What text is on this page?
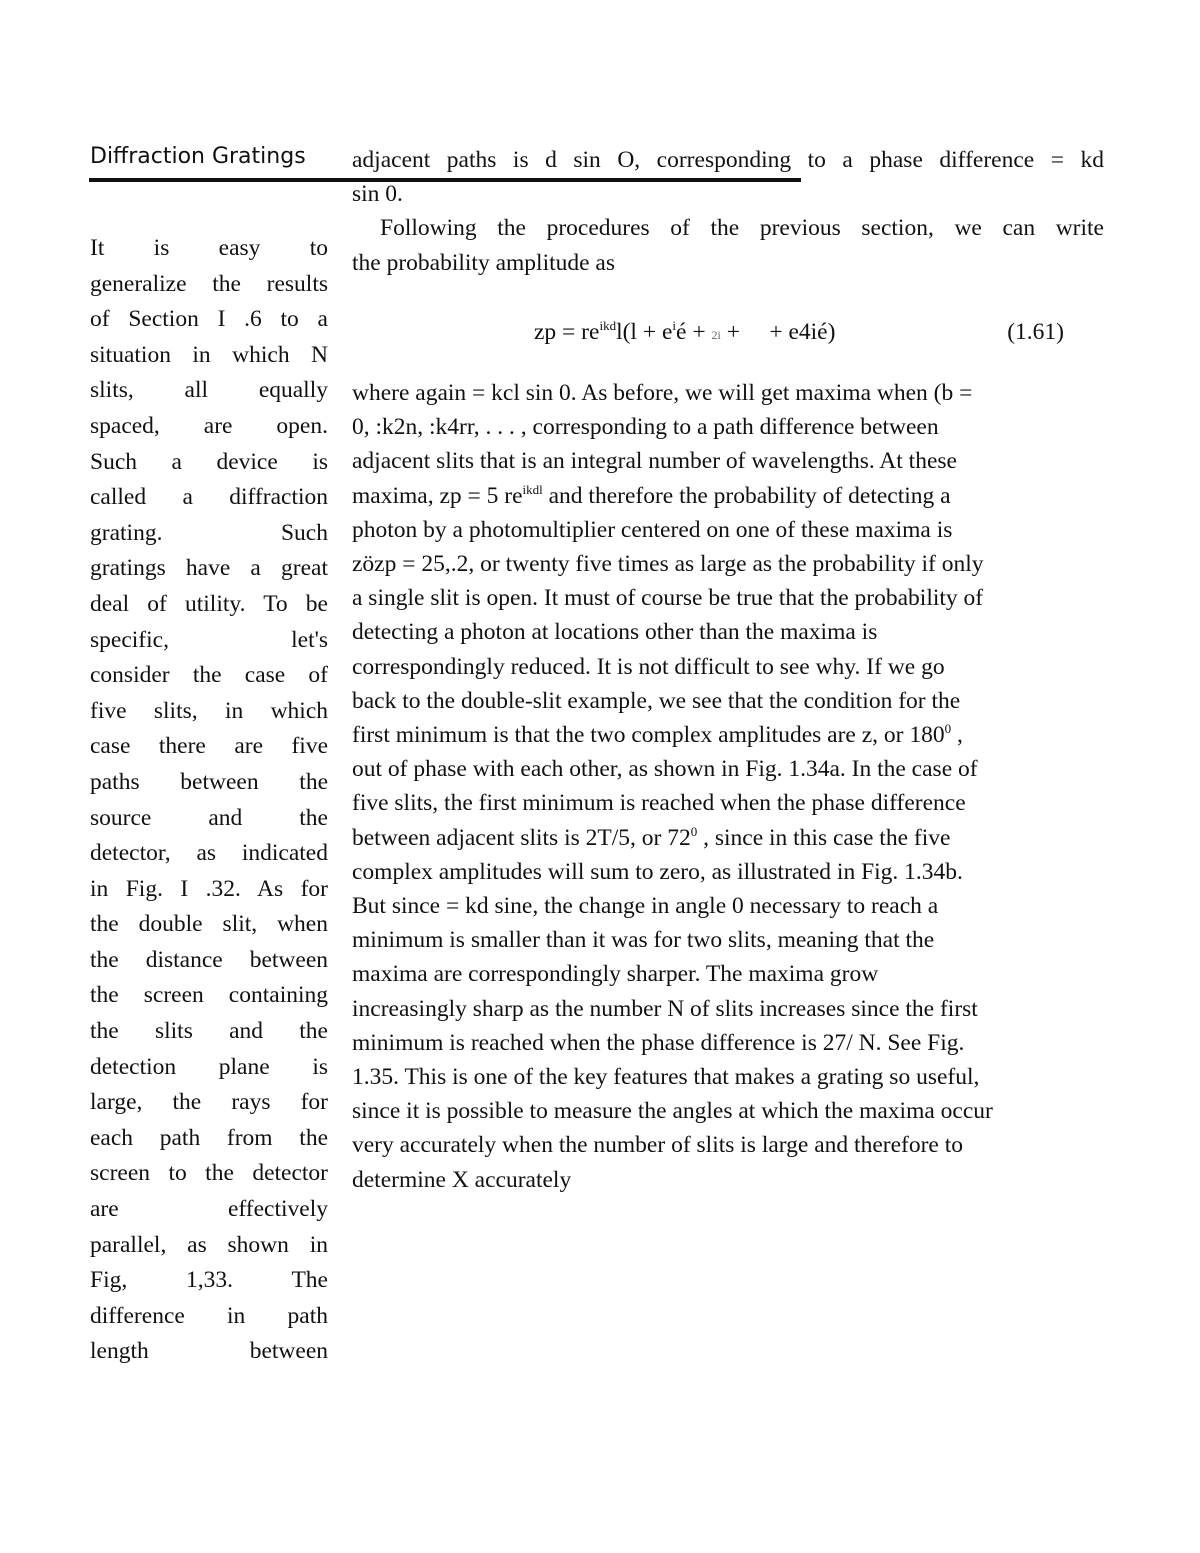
Diffraction Gratings
It is easy to
generalize the results
of Section I .6 to a
situation in which N
slits, all equally
spaced, are open.
Such a device is
called a diffraction
grating. Such
gratings have a great
deal of utility. To be
specific, let's
consider the case of
five slits, in which
case there are five
paths between the
source and the
detector, as indicated
in Fig. I .32. As for
the double slit, when
the distance between
the screen containing
the slits and the
detection plane is
large, the rays for
each path from the
screen to the detector
are effectively
parallel, as shown in
Fig, 1,33. The
difference in path
length between
adjacent paths is d sin O, corresponding to a phase difference = kd
sin 0.
Following the procedures of the previous section, we can write
the probability amplitude as
zp = $re^{ikd}l(l$ + $e^ié + 2i$ +     + e4ié)	(1.61)
where again = kcl sin 0. As before, we will get maxima when (b =
0, :k2n, :k4rr, . . . , corresponding to a path difference between
adjacent slits that is an integral number of wavelengths. At these
maxima, zp = 5 $re^{ikdl}$ and therefore the probability of detecting a
photon by a photomultiplier centered on one of these maxima is
zözp = 25,.2, or twenty five times as large as the probability if only
a single slit is open. It must of course be true that the probability of
detecting a photon at locations other than the maxima is
correspondingly reduced. It is not difficult to see why. If we go
back to the double-slit example, we see that the condition for the
first minimum is that the two complex amplitudes are z, or $180^0$ ,
out of phase with each other, as shown in Fig. 1.34a. In the case of
five slits, the first minimum is reached when the phase difference
between adjacent slits is 2T/5, or $72^0$ , since in this case the five
complex amplitudes will sum to zero, as illustrated in Fig. 1.34b.
But since = kd sine, the change in angle 0 necessary to reach a
minimum is smaller than it was for two slits, meaning that the
maxima are correspondingly sharper. The maxima grow
increasingly sharp as the number N of slits increases since the first
minimum is reached when the phase difference is 27/ N. See Fig.
1.35. This is one of the key features that makes a grating so useful,
since it is possible to measure the angles at which the maxima occur
very accurately when the number of slits is large and therefore to
determine X accurately
